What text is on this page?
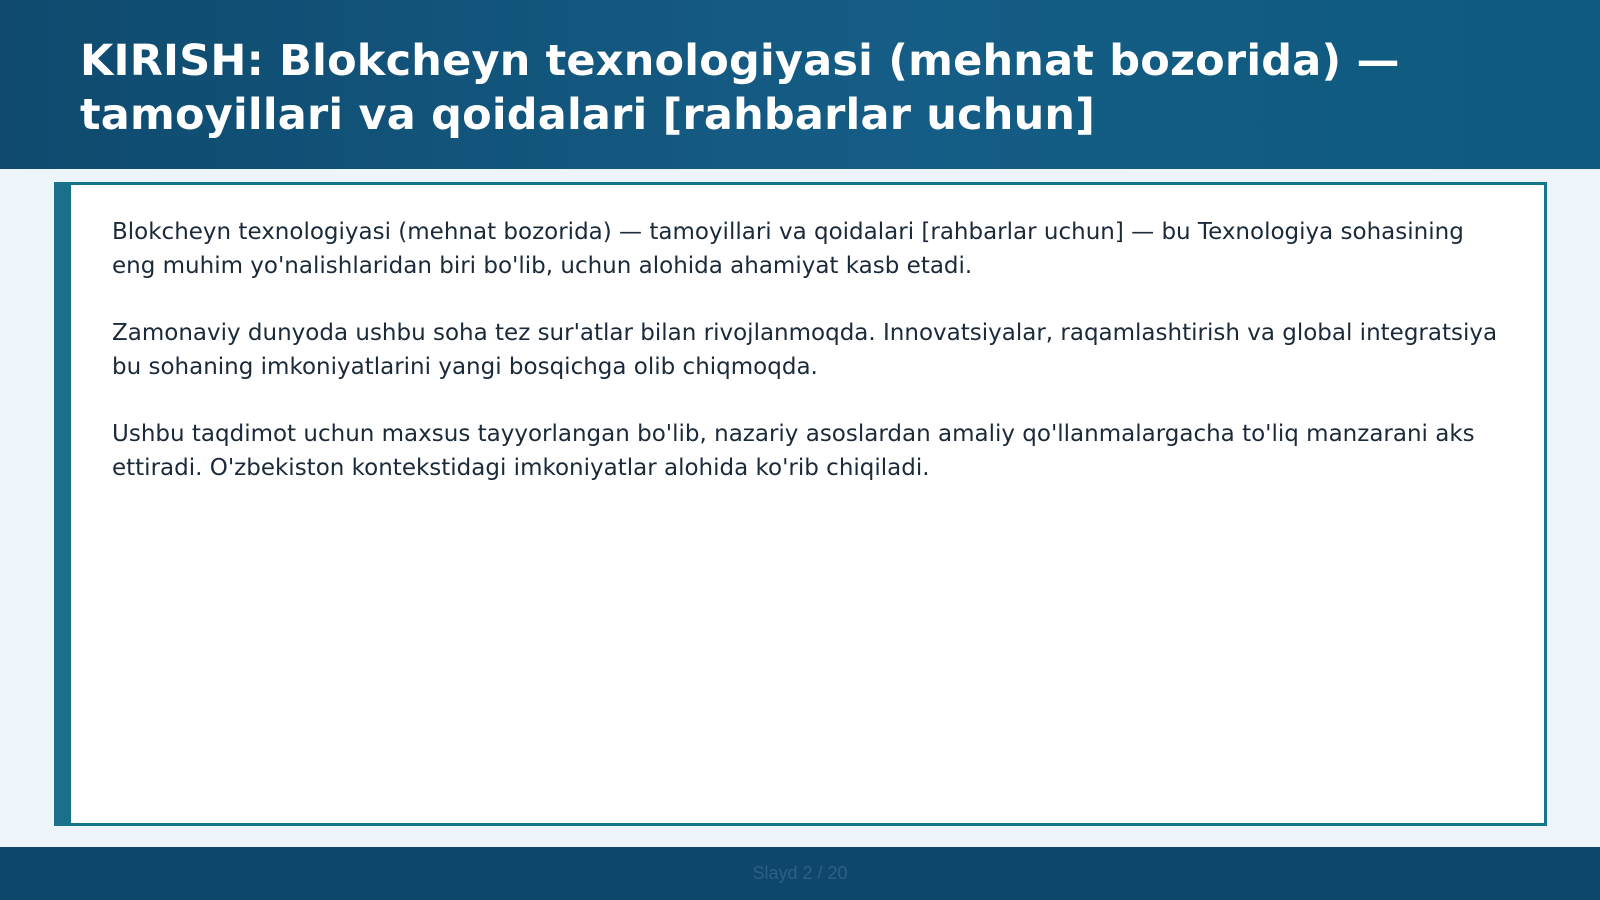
KIRISH: Blokcheyn texnologiyasi (mehnat bozorida) — tamoyillari va qoidalari [rahbarlar uchun]

Blokcheyn texnologiyasi (mehnat bozorida) — tamoyillari va qoidalari [rahbarlar uchun] — bu Texnologiya sohasining eng muhim yo'nalishlaridan biri bo'lib, uchun alohida ahamiyat kasb etadi.

Zamonaviy dunyoda ushbu soha tez sur'atlar bilan rivojlanmoqda. Innovatsiyalar, raqamlashtirish va global integratsiya bu sohaning imkoniyatlarini yangi bosqichga olib chiqmoqda.

Ushbu taqdimot uchun maxsus tayyorlangan bo'lib, nazariy asoslardan amaliy qo'llanmalargacha to'liq manzarani aks ettiradi. O'zbekiston kontekstidagi imkoniyatlar alohida ko'rib chiqiladi.

Slayd 2 / 20
